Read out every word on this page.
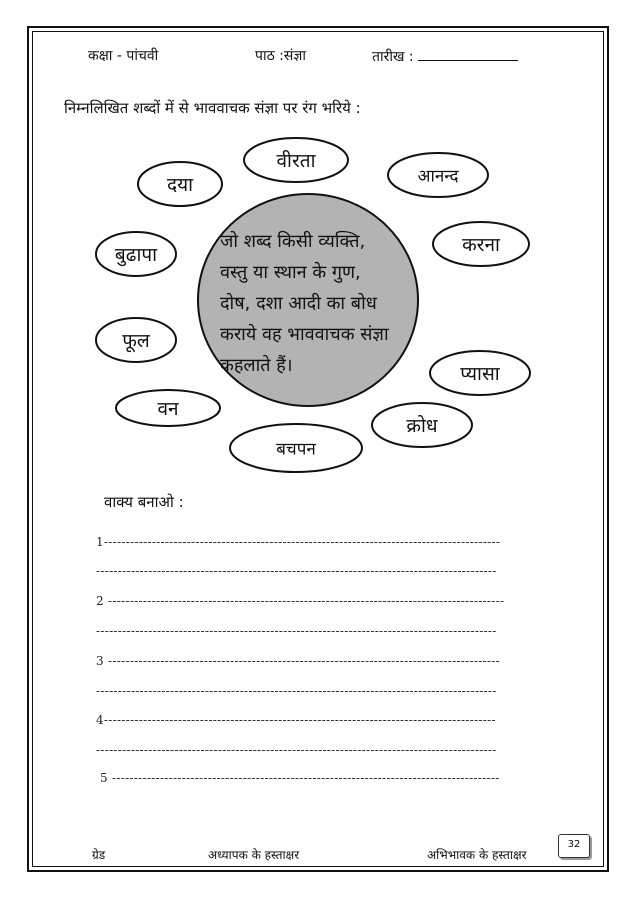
कक्षा - पांचवी	पाठ :संज्ञा	तारीख :
निम्नलिखित शब्दों में से भाववाचक संज्ञा पर रंग भरिये :
वीरता
दया	आनन्द
बुढापा	करना
फूल
प्यासा
वन
क्रोध
बचपन
जो शब्द किसी व्यक्ति,
वस्तु या स्थान के गुण,
दोष, दशा आदी का बोध
कराये वह भाववाचक संज्ञा
कहलाते हैं।
वाक्य बनाओ :
1-------------------------------------------------------------------------------------------
--------------------------------------------------------------------------------------------
2 -------------------------------------------------------------------------------------------
--------------------------------------------------------------------------------------------
3 ------------------------------------------------------------------------------------------
--------------------------------------------------------------------------------------------
4------------------------------------------------------------------------------------------
--------------------------------------------------------------------------------------------
5 -----------------------------------------------------------------------------------------
ग्रेड	अध्यापक के हस्ताक्षर	अभिभावक के हस्ताक्षर
32
